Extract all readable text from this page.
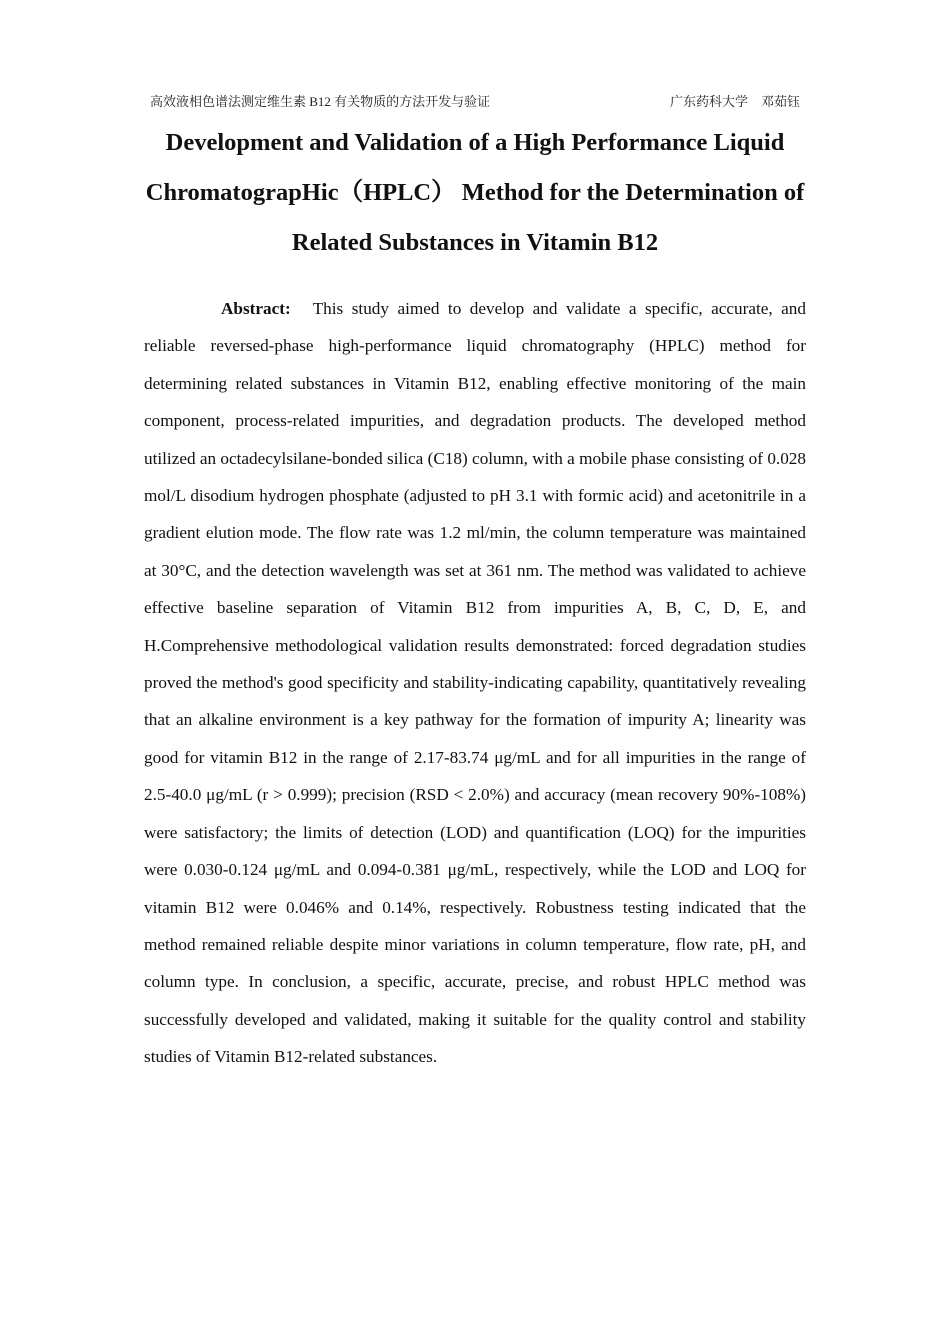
高效液相色谱法测定维生素 B12 有关物质的方法开发与验证	广东药科大学　邓茹钰
Development and Validation of a High Performance Liquid ChromatograpHic（HPLC） Method for the Determination of Related Substances in Vitamin B12

Abstract: This study aimed to develop and validate a specific, accurate, and reliable reversed-phase high-performance liquid chromatography (HPLC) method for determining related substances in Vitamin B12, enabling effective monitoring of the main component, process-related impurities, and degradation products. The developed method utilized an octadecylsilane-bonded silica (C18) column, with a mobile phase consisting of 0.028 mol/L disodium hydrogen phosphate (adjusted to pH 3.1 with formic acid) and acetonitrile in a gradient elution mode. The flow rate was 1.2 ml/min, the column temperature was maintained at 30°C, and the detection wavelength was set at 361 nm. The method was validated to achieve effective baseline separation of Vitamin B12 from impurities A, B, C, D, E, and H.Comprehensive methodological validation results demonstrated: forced degradation studies proved the method's good specificity and stability-indicating capability, quantitatively revealing that an alkaline environment is a key pathway for the formation of impurity A; linearity was good for vitamin B12 in the range of 2.17-83.74 μg/mL and for all impurities in the range of 2.5-40.0 μg/mL (r > 0.999); precision (RSD < 2.0%) and accuracy (mean recovery 90%-108%) were satisfactory; the limits of detection (LOD) and quantification (LOQ) for the impurities were 0.030-0.124 μg/mL and 0.094-0.381 μg/mL, respectively, while the LOD and LOQ for vitamin B12 were 0.046% and 0.14%, respectively. Robustness testing indicated that the method remained reliable despite minor variations in column temperature, flow rate, pH, and column type. In conclusion, a specific, accurate, precise, and robust HPLC method was successfully developed and validated, making it suitable for the quality control and stability studies of Vitamin B12-related substances.
